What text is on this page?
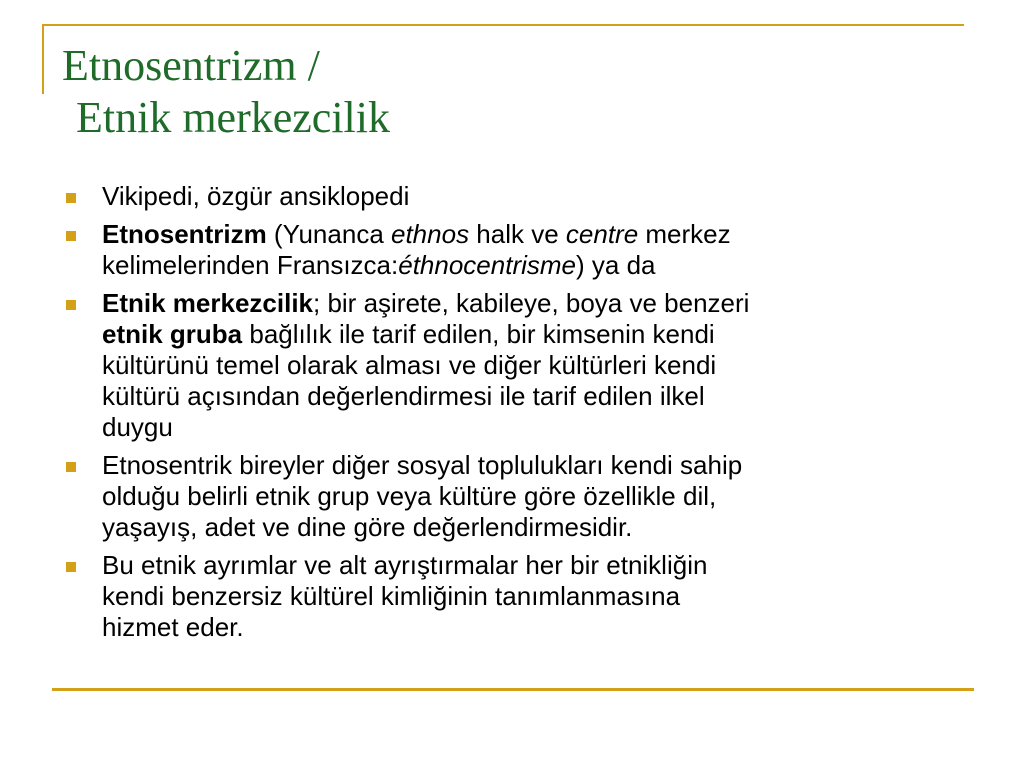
Etnosentrizm /
Etnik merkezcilik
Vikipedi, özgür ansiklopedi
Etnosentrizm (Yunanca ethnos halk ve centre merkez
kelimelerinden Fransızca:éthnocentrisme) ya da
Etnik merkezcilik; bir aşirete, kabileye, boya ve benzeri
etnik gruba bağlılık ile tarif edilen, bir kimsenin kendi
kültürünü temel olarak alması ve diğer kültürleri kendi
kültürü açısından değerlendirmesi ile tarif edilen ilkel
duygu
Etnosentrik bireyler diğer sosyal toplulukları kendi sahip
olduğu belirli etnik grup veya kültüre göre özellikle dil,
yaşayış, adet ve dine göre değerlendirmesidir.
Bu etnik ayrımlar ve alt ayrıştırmalar her bir etnikliğin
kendi benzersiz kültürel kimliğinin tanımlanmasına
hizmet eder.
